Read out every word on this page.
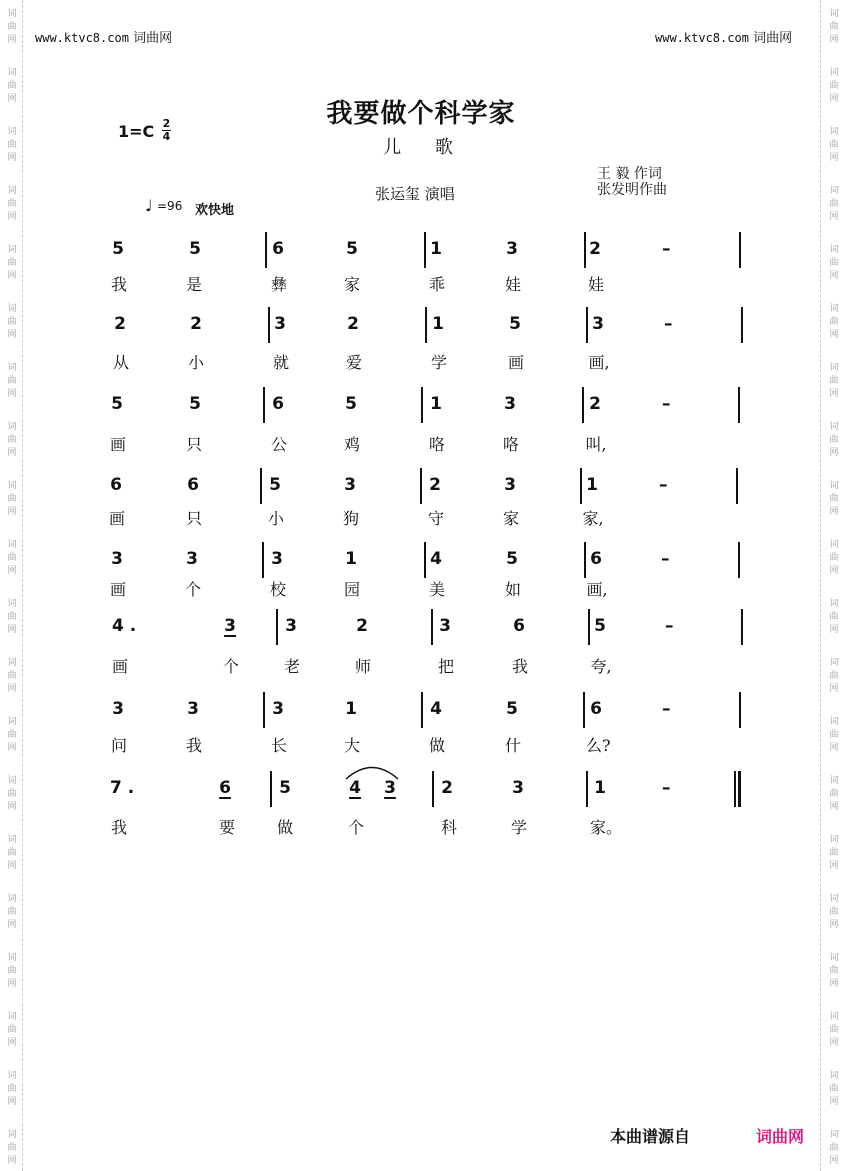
词
曲
网
词
曲
网
词
曲
网
词
曲
网
词
曲
网
词
曲
网
词
曲
网
词
曲
网
词
曲
网
词
曲
网
词
曲
网
词
曲
网
词
曲
网
词
曲
网
词
曲
网
词
曲
网
词
曲
网
词
曲
网
词
曲
网
词
曲
网
词
曲
网
词
曲
网
词
曲
网
词
曲
网
词
曲
网
词
曲
网
词
曲
网
词
曲
网
词
曲
网
词
曲
网
词
曲
网
词
曲
网
词
曲
网
词
曲
网
词
曲
网
词
曲
网
词
曲
网
词
曲
网
词
曲
网
词
曲
网
www.ktvc8.com 词曲网	www.ktvc8.com 词曲网
我要做个科学家
儿 歌
1=C 2
4
王 毅 作词
张发明作曲
张运玺 演唱
♩ =96 欢快地
5	5	6	5	1	3	2	–
我	是	彝	家	乖	娃	娃
2	2	3	2	1	5	3	–
从	小	就	爱	学	画	画,
5	5	6	5	1	3	2	–
画	只	公	鸡	咯	咯	叫,
6	6	5	3	2	3	1	–
画	只	小	狗	守	家	家,
3	3	3	1	4	5	6	–
画	个	校	园	美	如	画,
4 .	3	3	2	3	6	5	–
画	个	老	师	把	我	夸,
3	3	3	1	4	5	6	–
问	我	长	大	做	什	么?
7 .	6	5	4 3	2	3	1	–
我	要	做	个	科	学	家。
本曲谱源自	词曲网
